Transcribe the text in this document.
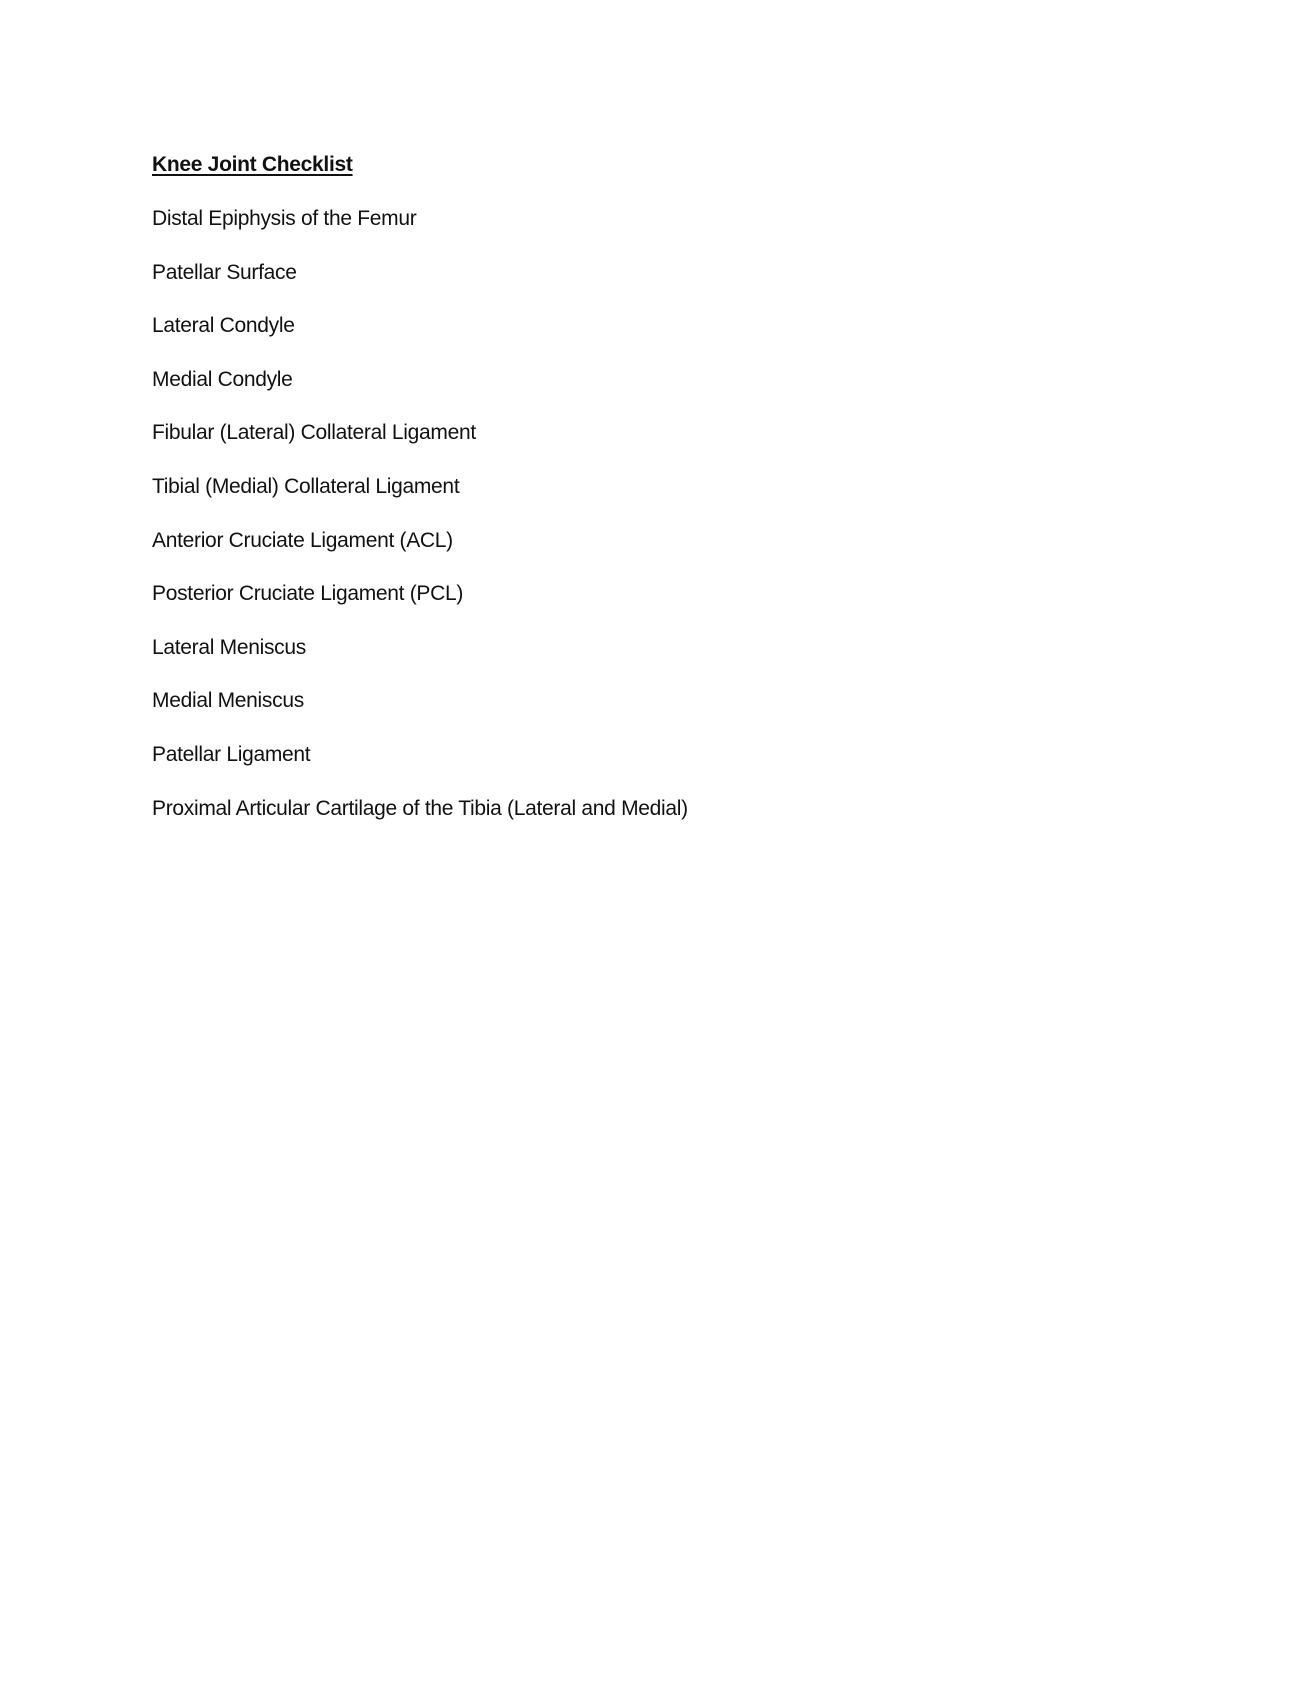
Knee Joint Checklist
Distal Epiphysis of the Femur
Patellar Surface
Lateral Condyle
Medial Condyle
Fibular (Lateral) Collateral Ligament
Tibial (Medial) Collateral Ligament
Anterior Cruciate Ligament (ACL)
Posterior Cruciate Ligament (PCL)
Lateral Meniscus
Medial Meniscus
Patellar Ligament
Proximal Articular Cartilage of the Tibia (Lateral and Medial)
